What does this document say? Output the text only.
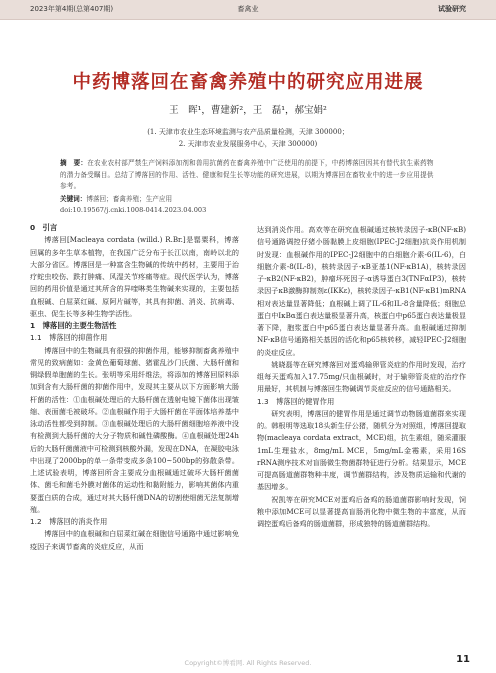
2023年第4期(总第407期)	畜禽业	试验研究
中药博落回在畜禽养殖中的研究应用进展
王　晖¹，曹建新²，王　磊¹，郝宝娟²
(1. 天津市农业生态环境监测与农产品质量检测，天津 300000；
2. 天津市农业发展服务中心，天津 300000)
摘　要：在农业农村部严禁生产饲料添加剂和兽用抗菌药在畜禽养殖中广泛使用的前提下，中药博落回因其有替代抗生素药物的潜力备受瞩目。总结了博落回的作用、活性、健康和促生长等功能的研究进展，以期为博落回在畜牧业中的进一步应用提供参考。
关键词：博落回；畜禽养殖；生产应用
doi:10.19567/j.cnki.1008-0414.2023.04.003

0　引言

博落回[Macleaya cordata (willd.) R.Br.]是罂粟科，博落回属的多年生草本植物，在我国广泛分布于长江以南，南岭以北的大部分省区。博落回是一种富含生物碱的传统中药材，主要用于治疗蛇虫咬伤、跌打肿痛、风湿关节疼痛等症。现代医学认为，博落回的药用价值是通过其所含的异喹啉类生物碱来实现的，主要包括血根碱、白屈菜红碱、原阿片碱等，其具有抑菌、消炎、抗病毒、驱虫、促生长等多种生物学活性。

1　博落回的主要生物活性

1.1　博落回的抑菌作用

博落回中的生物碱具有很强的抑菌作用，能够抑制畜禽养殖中常见的致病菌如：金黄色葡萄球菌、猪霍乱沙门氏菌、大肠杆菌和铜绿假单胞菌的生长。张明等采用纤维法，将添加的博落回原料添加到含有大肠杆菌的抑菌作用中，发现其主要从以下方面影响大肠杆菌的活性：①血根碱处理后的大肠杆菌在透射电镜下菌体出现皱缩、表面菌毛被破坏。②血根碱作用于大肠杆菌在平面体培养基中泳动活性都受到抑制。③血根碱处理后的大肠杆菌细胞培养液中没有检测到大肠杆菌的大分子物质和碱性磷酸酶。④血根碱处理24h后的大肠杆菌菌液中可检测到核酸外漏，发现在DNA，在凝胶电泳中出现了2000bp的单一条带变成多条100~500bp的弥散条带。上述试验表明，博落回所含主要成分血根碱通过破坏大肠杆菌菌体、菌毛和菌毛外膜对菌体的运动性和黏附能力，影响其菌体内重要蛋白质的合成，通过对其大肠杆菌DNA的切割使细菌无法复制增殖。

1.2　博落回的消炎作用

博落回中的血根碱和白屈菜红碱在细胞信号通路中通过影响免疫因子来调节畜禽的炎症反应，从而

达到消炎作用。高欢等在研究血根碱通过核转录因子-κB(NF-κB)信号通路调控仔猪小肠黏膜上皮细胞(IPEC-J2细胞)抗炎作用机制时发现：血根碱作用的IPEC-J2细胞中的白细胞介素-6(IL-6)，白细胞介素-8(IL-8)，核转录因子-κB亚基1(NF-κB1A)，核转录因子-κB2(NF-κB2)，肿瘤坏死因子-α诱导蛋白3(TNFαIP3)，核转录因子κB激酶抑制剂ε(IKKε)，核转录因子-κB1(NF-κB1)mRNA相对表达量显著降低；血根碱上调了IL-6和IL-8含量降低；细胞总蛋白中IκBα蛋白表达量极显著升高，核蛋白中p65蛋白表达量极显著下降，胞浆蛋白中p65蛋白表达量显著升高。血根碱通过抑制NF-κB信号通路相关基因的活化和p65核转移，减轻IPEC-J2细胞的炎症反应。

姚晓磊等在研究博落回对蛋鸡输卵管炎症的作用时发现，治疗组每天蛋鸡加入17.75mg/只血根碱时，对于输卵管炎症的治疗作用最好，其机制与博落回生物碱调节炎症反应的信号通路相关。

1.3　博落回的健胃作用

研究表明，博落回的健胃作用是通过调节动物肠道菌群来实现的。韩根明等选取18头新生仔公猪，随机分为对照组，博落回提取物(macleaya cordata extract，MCE)组，抗生素组，随采灌服1mL生理盐水，8mg/mL MCE，5mg/mL金霉素，采用16S rRNA测序技术对盲肠微生物菌群特征进行分析。结果显示，MCE可提高肠道菌群物种丰度，调节菌群结构，涉及物质运输和代谢的基因增多。

祝凯等在研究MCE对蛋鸡后备鸡的肠道菌群影响时发现，饲粮中添加MCE可以显著提高盲肠消化物中微生物的丰富度，从而调控蛋鸡后备鸡的肠道菌群，形成独特的肠道菌群结构。

11
Copyright©博看网. All Rights Reserved.
